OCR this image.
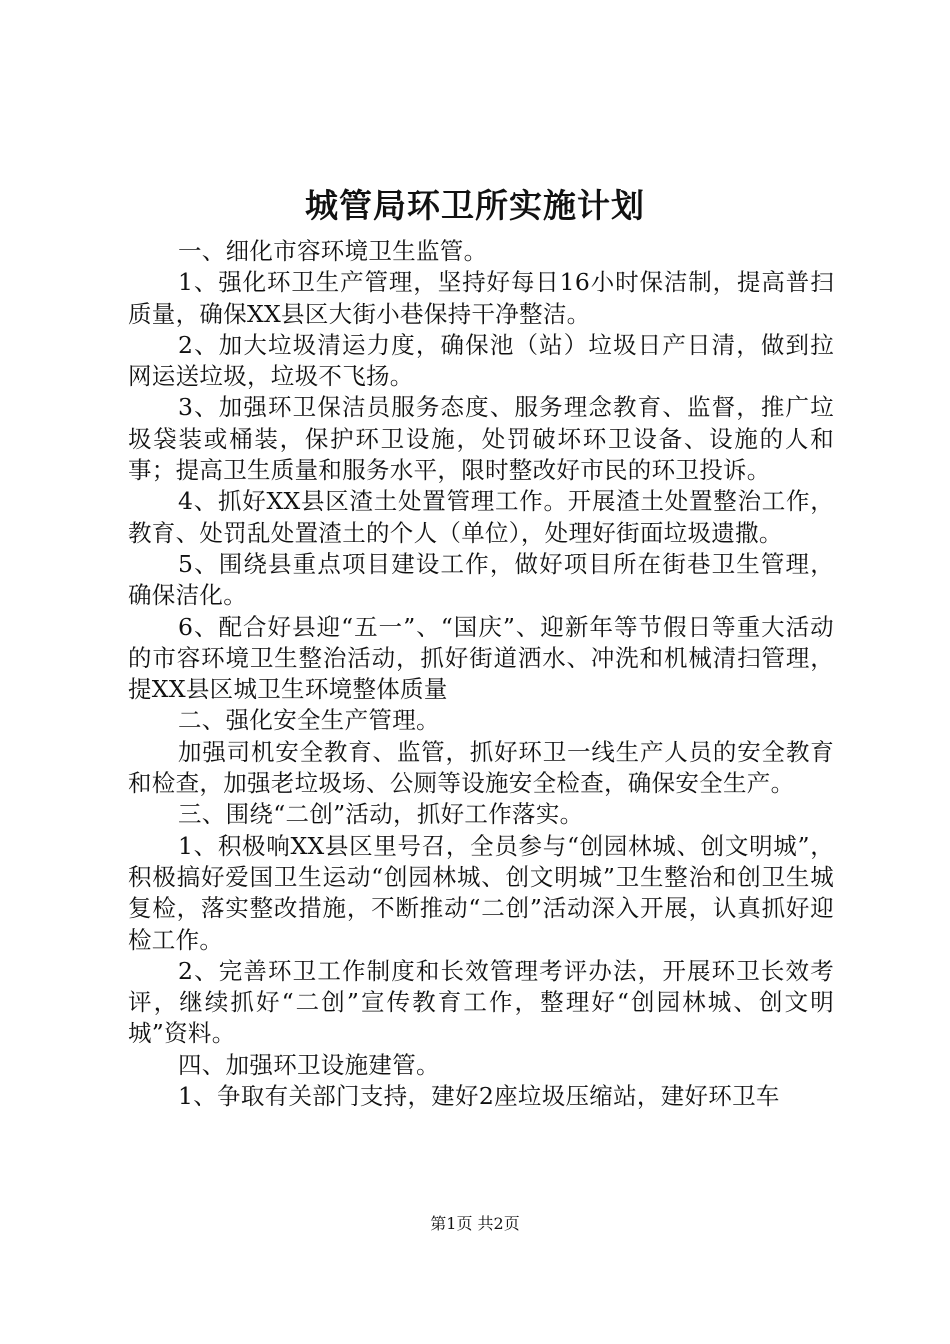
城管局环卫所实施计划

一、细化市容环境卫生监管。

1、强化环卫生产管理，坚持好每日16小时保洁制，提高普扫质量，确保XX县区大街小巷保持干净整洁。

2、加大垃圾清运力度，确保池（站）垃圾日产日清，做到拉网运送垃圾，垃圾不飞扬。

3、加强环卫保洁员服务态度、服务理念教育、监督，推广垃圾袋装或桶装，保护环卫设施，处罚破坏环卫设备、设施的人和事；提高卫生质量和服务水平，限时整改好市民的环卫投诉。

4、抓好XX县区渣土处置管理工作。开展渣土处置整治工作，教育、处罚乱处置渣土的个人（单位），处理好街面垃圾遗撒。

5、围绕县重点项目建设工作，做好项目所在街巷卫生管理，确保洁化。

6、配合好县迎“五一”、“国庆”、迎新年等节假日等重大活动的市容环境卫生整治活动，抓好街道洒水、冲洗和机械清扫管理，提XX县区城卫生环境整体质量

二、强化安全生产管理。

加强司机安全教育、监管，抓好环卫一线生产人员的安全教育和检查，加强老垃圾场、公厕等设施安全检查，确保安全生产。

三、围绕“二创”活动，抓好工作落实。

1、积极响XX县区里号召，全员参与“创园林城、创文明城”，积极搞好爱国卫生运动“创园林城、创文明城”卫生整治和创卫生城复检，落实整改措施，不断推动“二创”活动深入开展，认真抓好迎检工作。

2、完善环卫工作制度和长效管理考评办法，开展环卫长效考评，继续抓好“二创”宣传教育工作，整理好“创园林城、创文明城”资料。

四、加强环卫设施建管。

1、争取有关部门支持，建好2座垃圾压缩站，建好环卫车

第1页 共2页
